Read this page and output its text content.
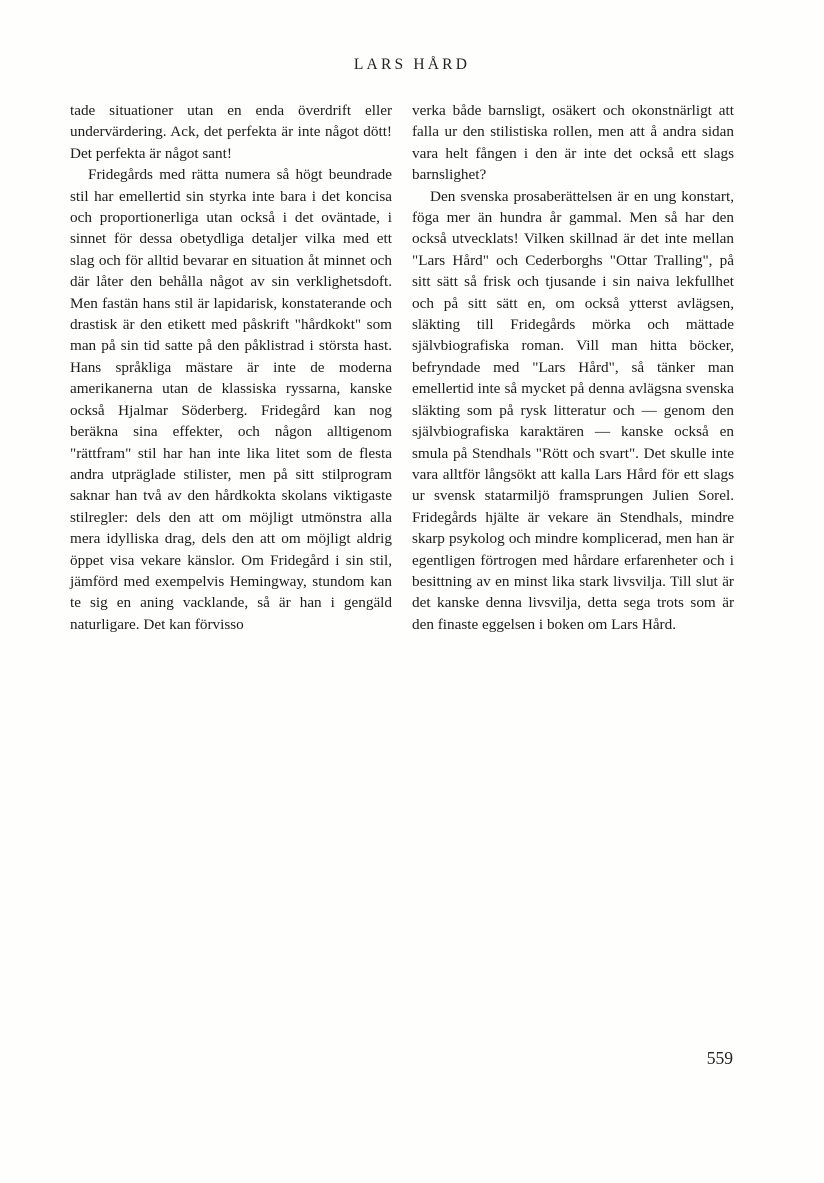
LARS HÅRD

tade situationer utan en enda överdrift eller undervärdering. Ack, det perfekta är inte något dött! Det perfekta är något sant!

Fridegårds med rätta numera så högt beundrade stil har emellertid sin styrka inte bara i det koncisa och proportionerliga utan också i det oväntade, i sinnet för dessa obetydliga detaljer vilka med ett slag och för alltid bevarar en situation åt minnet och där låter den behålla något av sin verklighetsdoft. Men fastän hans stil är lapidarisk, konstaterande och drastisk är den etikett med påskrift "hårdkokt" som man på sin tid satte på den påklistrad i största hast. Hans språkliga mästare är inte de moderna amerikanerna utan de klassiska ryssarna, kanske också Hjalmar Söderberg. Fridegård kan nog beräkna sina effekter, och någon alltigenom "rättfram" stil har han inte lika litet som de flesta andra utpräglade stilister, men på sitt stilprogram saknar han två av den hårdkokta skolans viktigaste stilregler: dels den att om möjligt utmönstra alla mera idylliska drag, dels den att om möjligt aldrig öppet visa vekare känslor. Om Fridegård i sin stil, jämförd med exempelvis Hemingway, stundom kan te sig en aning vacklande, så är han i gengäld naturligare. Det kan förvisso

verka både barnsligt, osäkert och okonstnärligt att falla ur den stilistiska rollen, men att å andra sidan vara helt fången i den är inte det också ett slags barnslighet?

Den svenska prosaberättelsen är en ung konstart, föga mer än hundra år gammal. Men så har den också utvecklats! Vilken skillnad är det inte mellan "Lars Hård" och Cederborghs "Ottar Tralling", på sitt sätt så frisk och tjusande i sin naiva lekfullhet och på sitt sätt en, om också ytterst avlägsen, släkting till Fridegårds mörka och mättade självbiografiska roman. Vill man hitta böcker, befryndade med "Lars Hård", så tänker man emellertid inte så mycket på denna avlägsna svenska släkting som på rysk litteratur och — genom den självbiografiska karaktären — kanske också en smula på Stendhals "Rött och svart". Det skulle inte vara alltför långsökt att kalla Lars Hård för ett slags ur svensk statarmiljö framsprungen Julien Sorel. Fridegårds hjälte är vekare än Stendhals, mindre skarp psykolog och mindre komplicerad, men han är egentligen förtrogen med hårdare erfarenheter och i besittning av en minst lika stark livsvilja. Till slut är det kanske denna livsvilja, detta sega trots som är den finaste eggelsen i boken om Lars Hård.

559
